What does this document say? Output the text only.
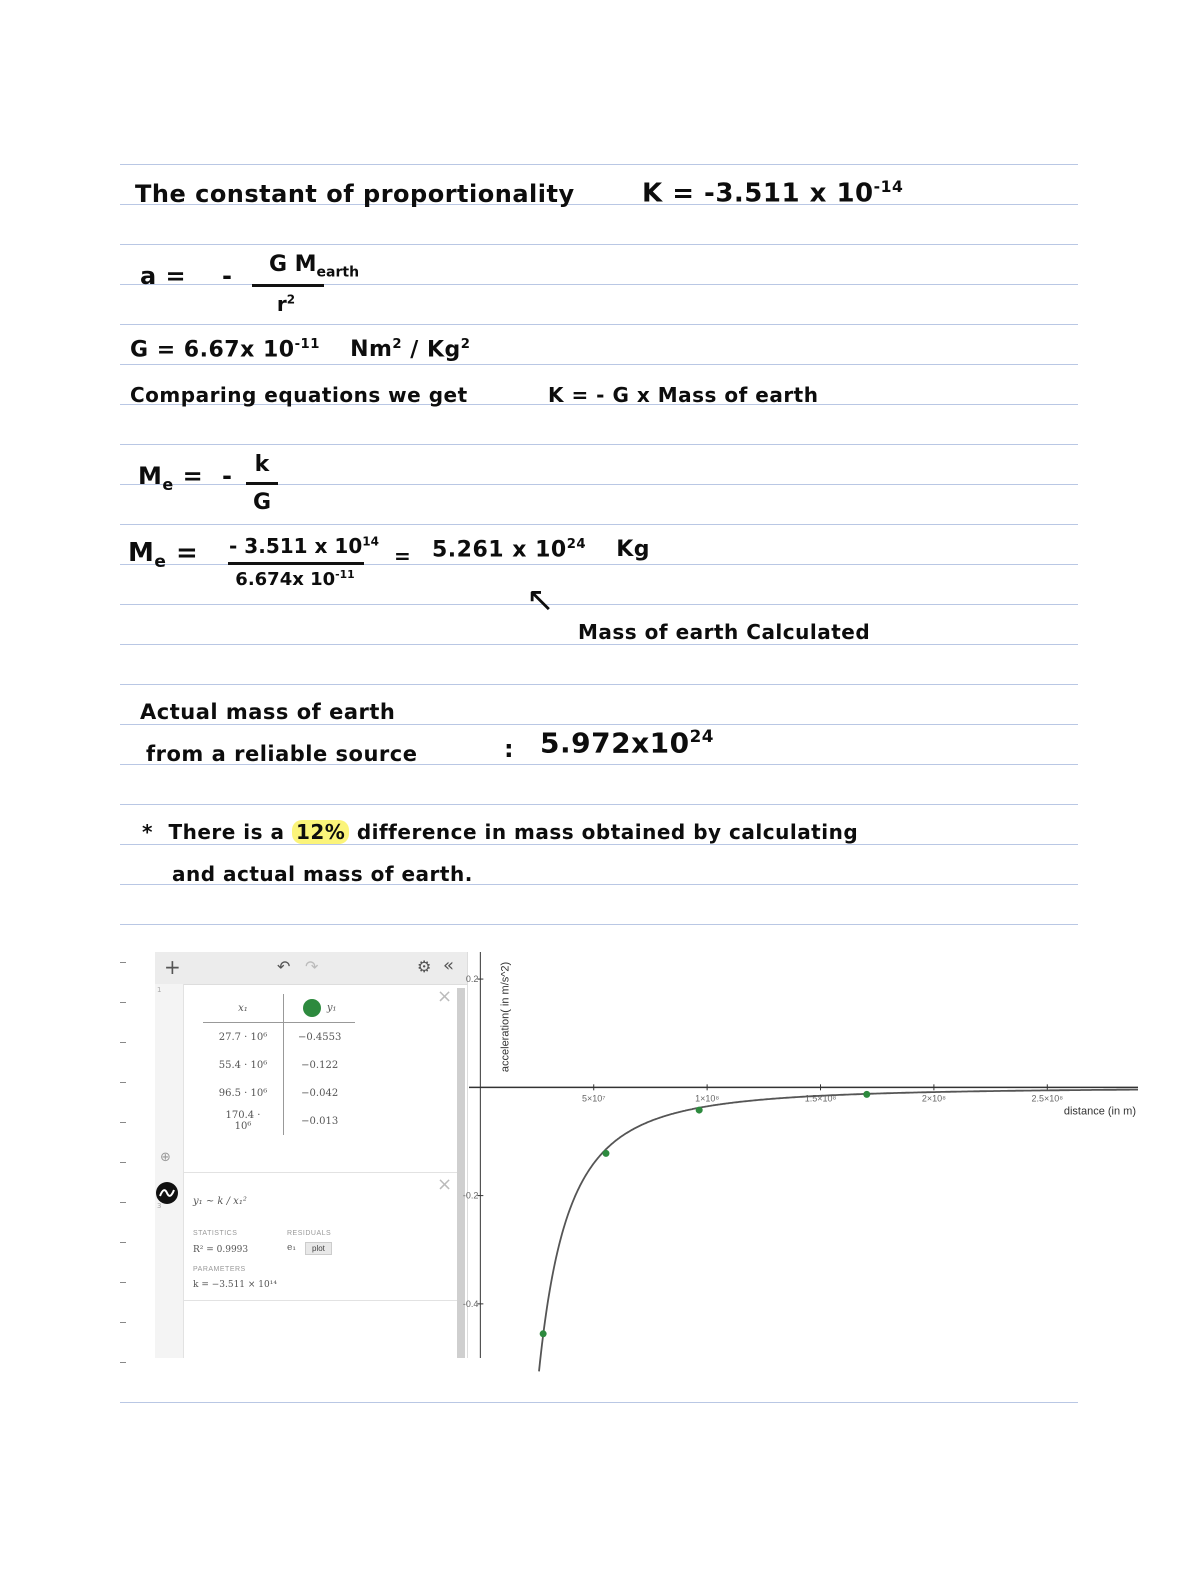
The constant of proportionality	K = -3.511 x $10^{-14}$
a = -	G $M_{earth}$
$r^2$
G = 6.67x $10^{-11}$ Nm$^2$ / Kg$^2$
Comparing equations we get	K = - G x Mass of earth
$M_e$ = -	k
G
$M_e$ = - 3.511 x $10^{14}$
6.674x $10^{-11}$
= 5.261 x $10^{24}$ Kg
↖
Mass of earth Calculated
Actual mass of earth
from a reliable source	: $5.972x10^{24}$
* There is a 12% difference in mass obtained by calculating
and actual mass of earth.
+	↶ ↷	⚙ «
1
⊕
3
×
x₁	y₁
27.7 · 10⁶	−0.4553
55.4 · 10⁶	−0.122
96.5 · 10⁶	−0.042
170.4 · 10⁶	−0.013
×
y₁ ~ k / x₁²
STATISTICS	RESIDUALS
R² = 0.9993	e₁	plot
PARAMETERS
k = −3.511 × 10¹⁴
5×10⁷	1×10⁸	1.5×10⁸	2×10⁸	2.5×10⁸
0.2
-0.2
-0.4
distance (in m)
acceleration( in m/s^2)
